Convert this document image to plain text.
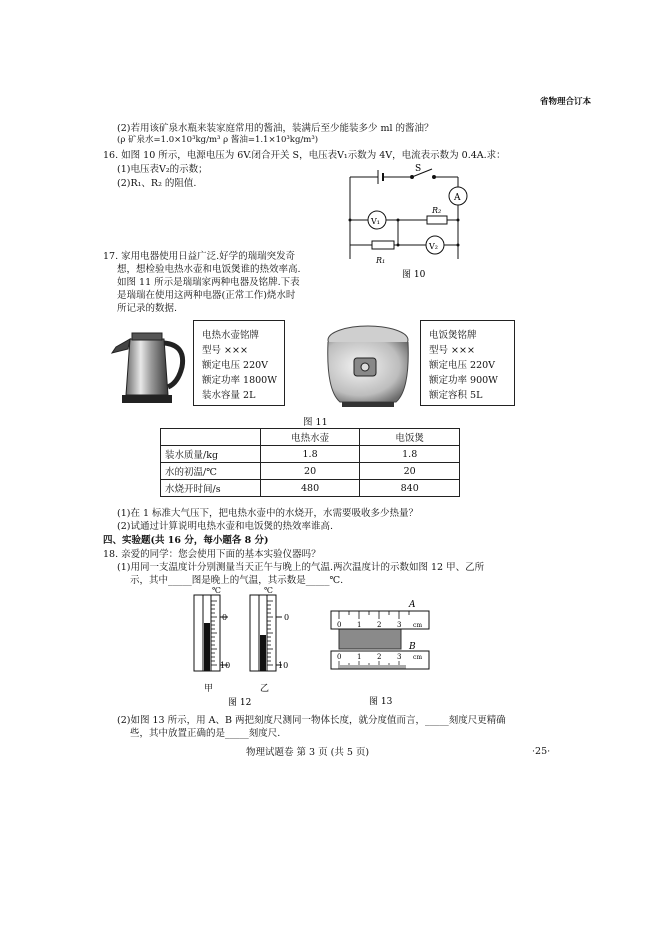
省物理合订本
(2)若用该矿泉水瓶来装家庭常用的酱油，装满后至少能装多少 ml 的酱油？
(ρ 矿泉水=1.0×10³kg/m³ ρ 酱油=1.1×10³kg/m³)
16. 如图 10 所示，电源电压为 6V.闭合开关 S，电压表V₁示数为 4V，电流表示数为 0.4A.求：
(1)电压表V₂的示数；
(2)R₁、R₂ 的阻值.
S
A
V₁
V₂
R₂
R₁
图 10
17. 家用电器使用日益广泛.好学的瑞瑞突发奇
想，想检验电热水壶和电饭煲谁的热效率高.
如图 11 所示是瑞瑞家两种电器及铭牌.下表
是瑞瑞在使用这两种电器(正常工作)烧水时
所记录的数据.
电热水壶铭牌
型号 ×××
额定电压 220V
额定功率 1800W
装水容量 2L
电饭煲铭牌
型号 ×××
额定电压 220V
额定功率 900W
额定容积 5L
图 11
	电热水壶	电饭煲
装水质量/kg	1.8	1.8
水的初温/℃	20	20
水烧开时间/s	480	840
(1)在 1 标准大气压下，把电热水壶中的水烧开，水需要吸收多少热量？
(2)试通过计算说明电热水壶和电饭煲的热效率谁高.
四、实验题(共 16 分，每小题各 8 分)
18. 亲爱的同学：您会使用下面的基本实验仪器吗？
(1)用同一支温度计分别测量当天正午与晚上的气温.两次温度计的示数如图 12 甲、乙所
示，其中_____图是晚上的气温，其示数是_____℃.
℃
0
10
℃
0
10
甲	乙
图 12
A
0 1 2 3 cm
B
0 1 2 3 cm
图 13
(2)如图 13 所示，用 A、B 两把刻度尺测同一物体长度，就分度值而言，_____刻度尺更精确
些，其中放置正确的是_____刻度尺.
物理试题卷 第 3 页 (共 5 页)	·25·
